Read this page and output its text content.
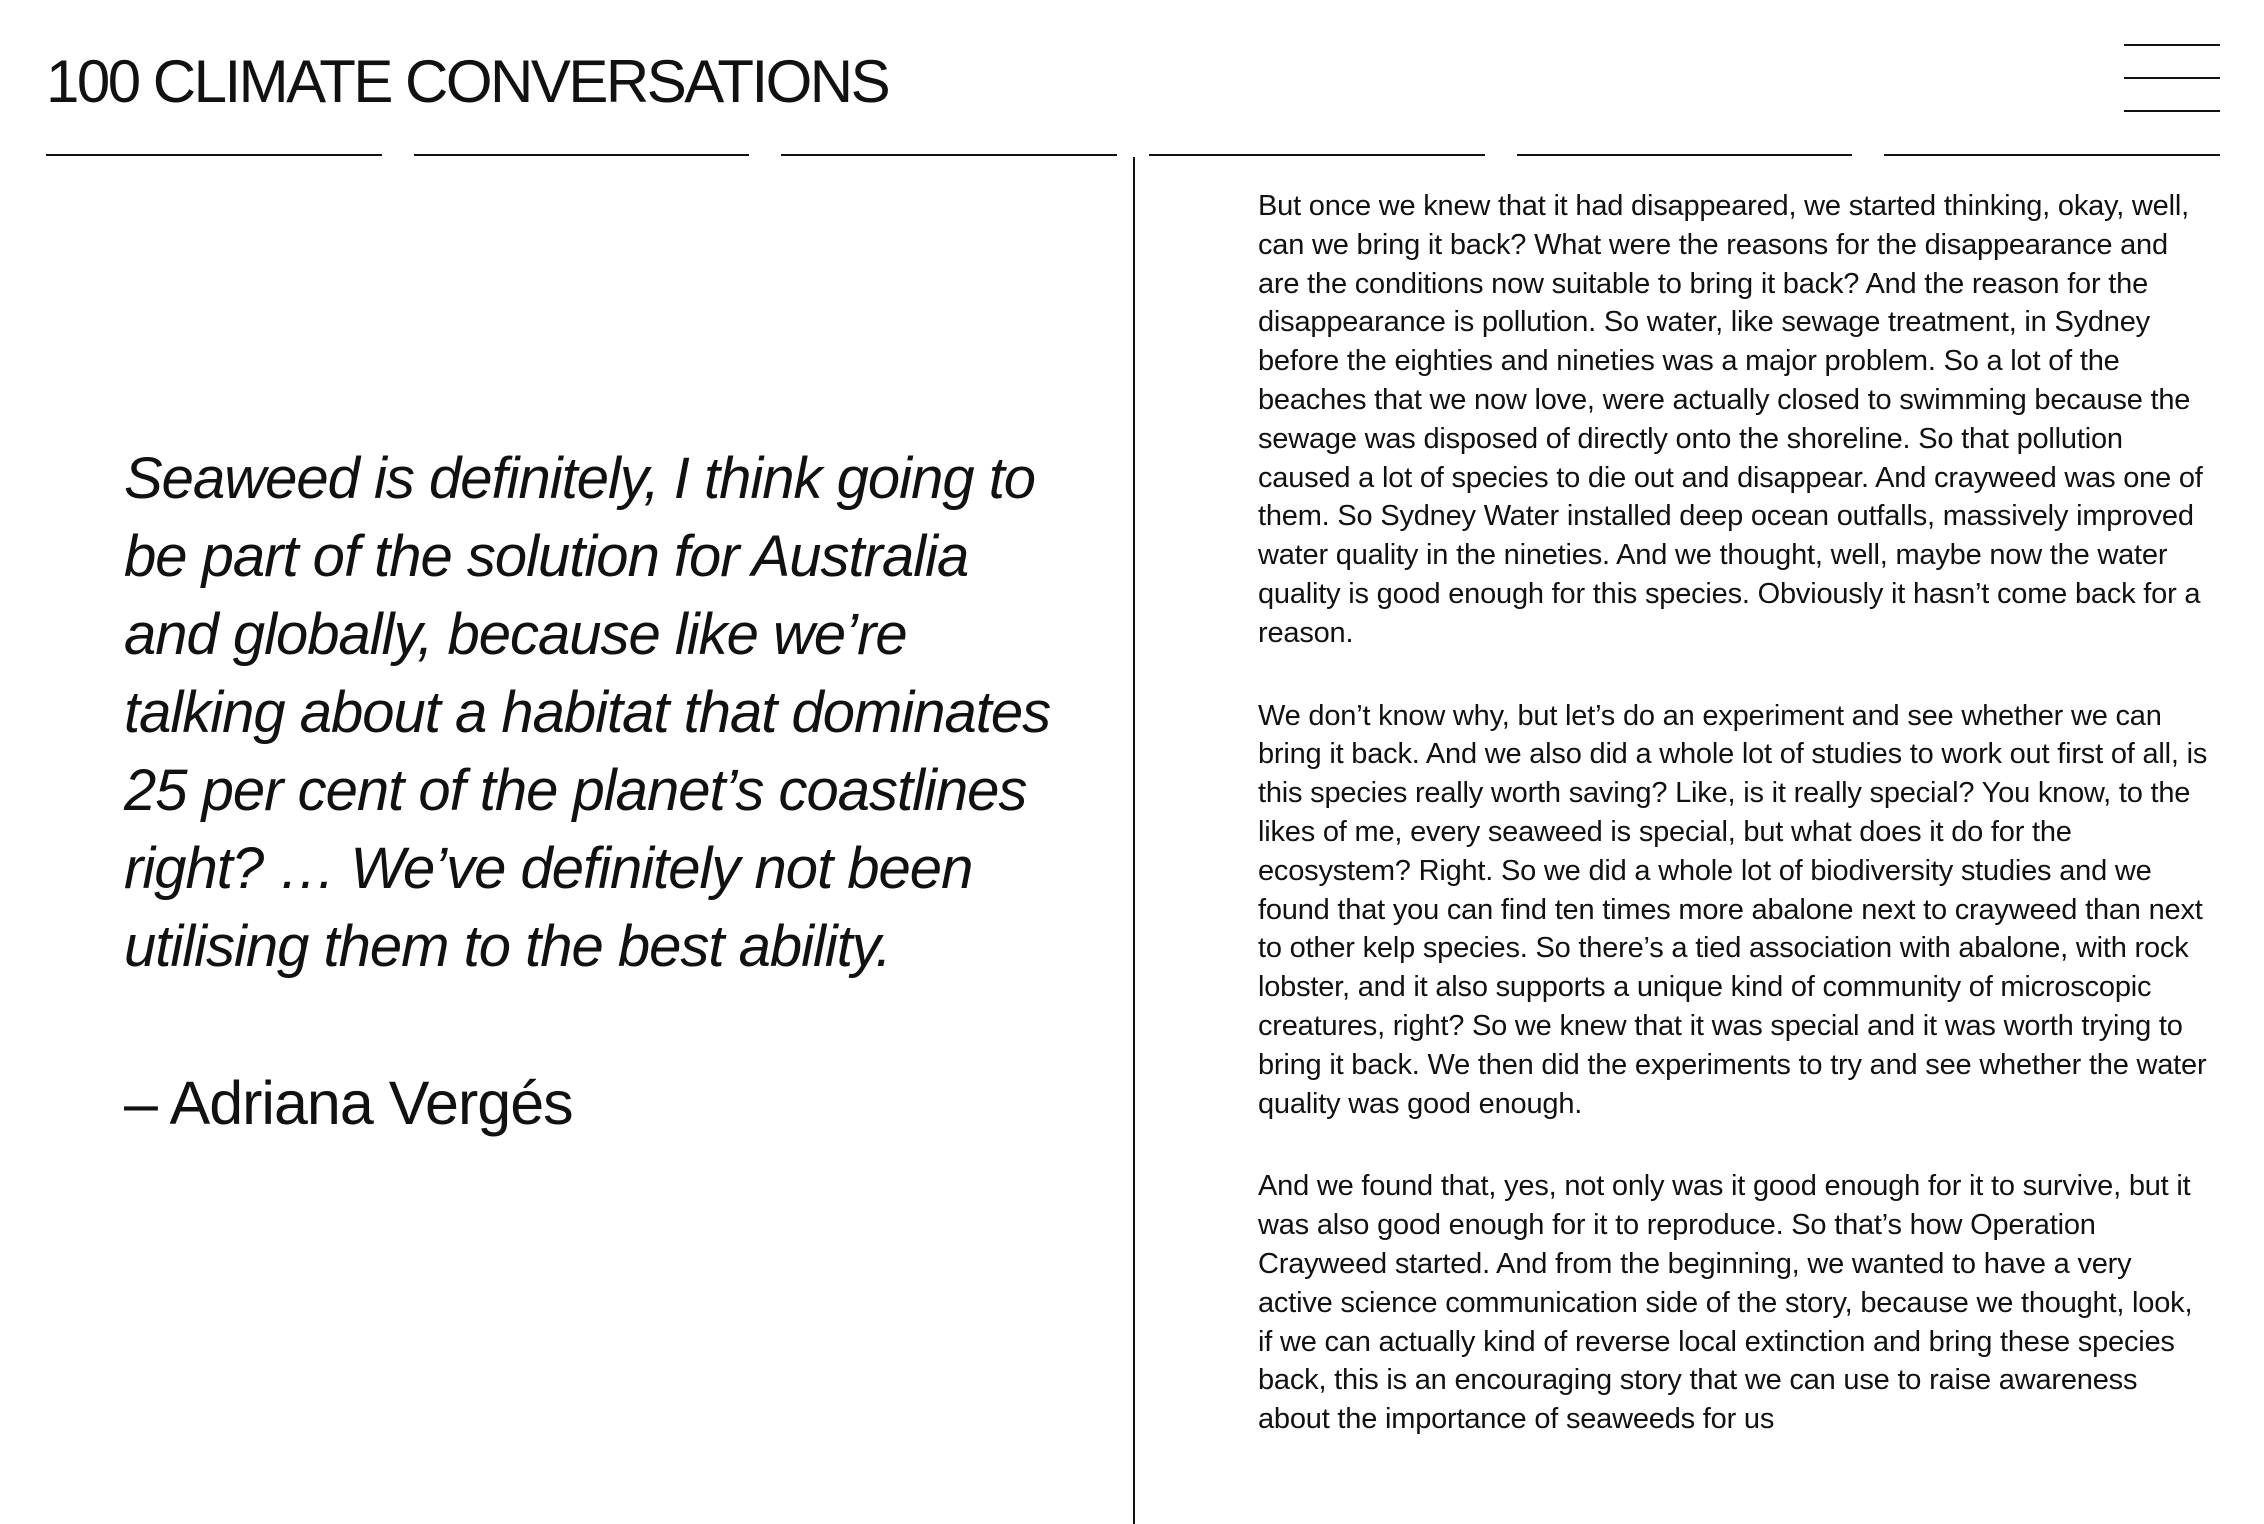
100 CLIMATE CONVERSATIONS

Seaweed is definitely, I think going to be part of the solution for Australia and globally, because like we’re talking about a habitat that dominates 25 per cent of the planet’s coastlines right? … We’ve definitely not been utilising them to the best ability.

– Adriana Vergés

But once we knew that it had disappeared, we started thinking, okay, well, can we bring it back? What were the reasons for the disappearance and are the conditions now suitable to bring it back? And the reason for the disappearance is pollution. So water, like sewage treatment, in Sydney before the eighties and nineties was a major problem. So a lot of the beaches that we now love, were actually closed to swimming because the sewage was disposed of directly onto the shoreline. So that pollution caused a lot of species to die out and disappear. And crayweed was one of them. So Sydney Water installed deep ocean outfalls, massively improved water quality in the nineties. And we thought, well, maybe now the water quality is good enough for this species. Obviously it hasn’t come back for a reason.

We don’t know why, but let’s do an experiment and see whether we can bring it back. And we also did a whole lot of studies to work out first of all, is this species really worth saving? Like, is it really special? You know, to the likes of me, every seaweed is special, but what does it do for the ecosystem? Right. So we did a whole lot of biodiversity studies and we found that you can find ten times more abalone next to crayweed than next to other kelp species. So there’s a tied association with abalone, with rock lobster, and it also supports a unique kind of community of microscopic creatures, right? So we knew that it was special and it was worth trying to bring it back. We then did the experiments to try and see whether the water quality was good enough.

And we found that, yes, not only was it good enough for it to survive, but it was also good enough for it to reproduce. So that’s how Operation Crayweed started. And from the beginning, we wanted to have a very active science communication side of the story, because we thought, look, if we can actually kind of reverse local extinction and bring these species back, this is an encouraging story that we can use to raise awareness about the importance of seaweeds for us
